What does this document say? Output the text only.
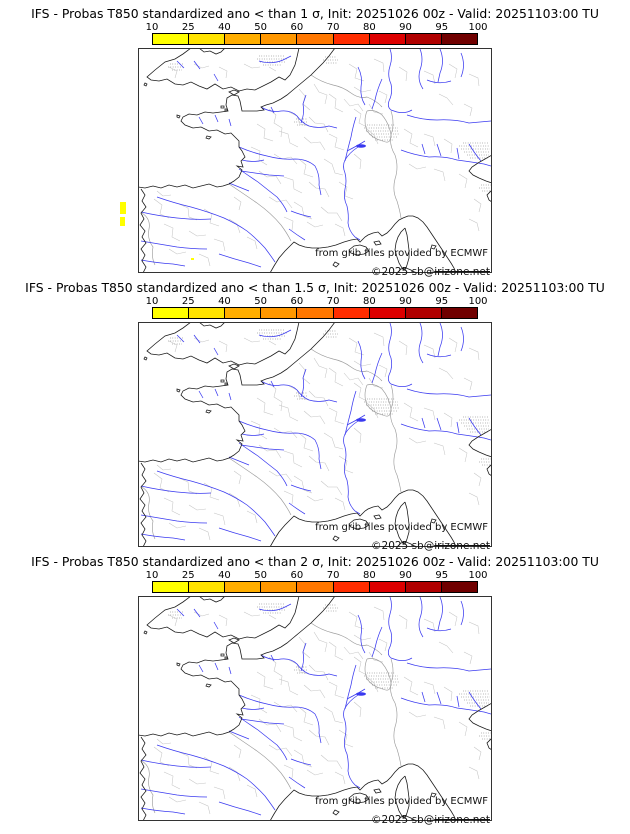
IFS - Probas T850 standardized ano < than 1 σ, Init: 20251026 00z - Valid: 20251103:00 TU
10 25 40 50 60 70 80 90 95 100
from grib files provided by ECMWF
©2025 sb@irizone.net
IFS - Probas T850 standardized ano < than 1.5 σ, Init: 20251026 00z - Valid: 20251103:00 TU
10 25 40 50 60 70 80 90 95 100
from grib files provided by ECMWF
©2025 sb@irizone.net
IFS - Probas T850 standardized ano < than 2 σ, Init: 20251026 00z - Valid: 20251103:00 TU
10 25 40 50 60 70 80 90 95 100
from grib files provided by ECMWF
©2025 sb@irizone.net
